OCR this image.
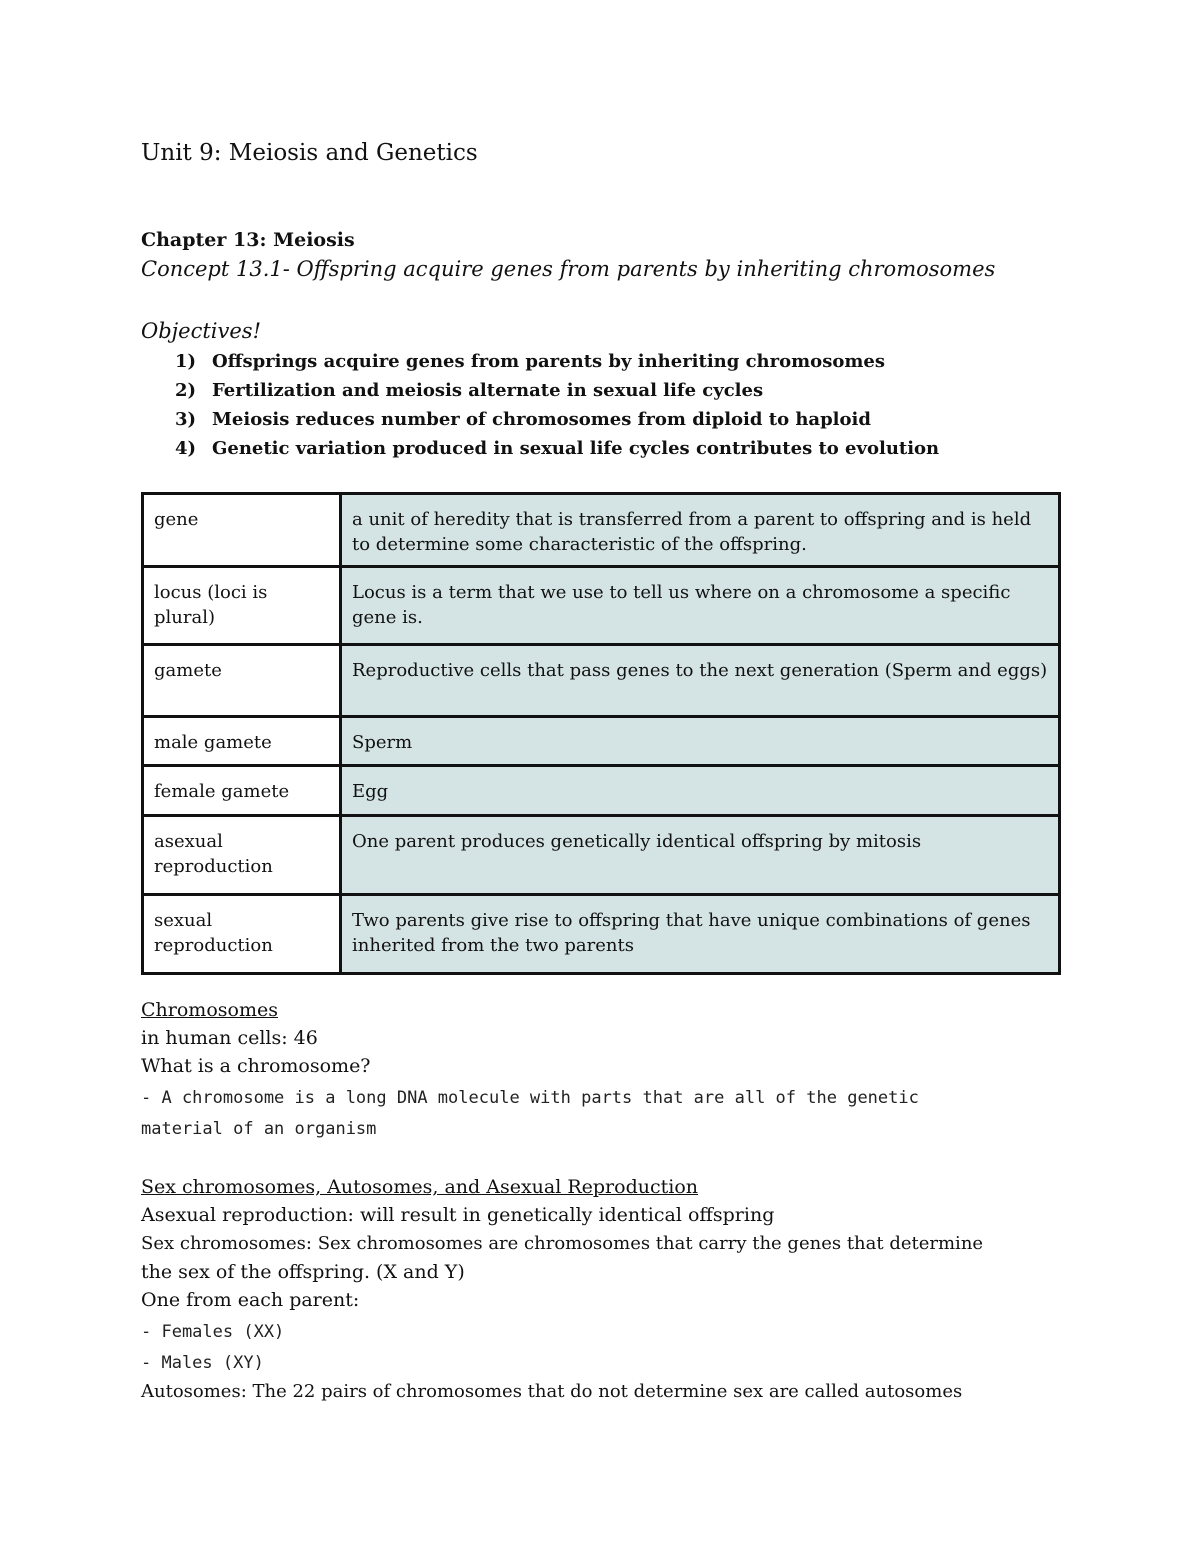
Unit 9: Meiosis and Genetics
Chapter 13: Meiosis
Concept 13.1- Offspring acquire genes from parents by inheriting chromosomes
Objectives!
1) Offsprings acquire genes from parents by inheriting chromosomes
2) Fertilization and meiosis alternate in sexual life cycles
3) Meiosis reduces number of chromosomes from diploid to haploid
4) Genetic variation produced in sexual life cycles contributes to evolution
gene	a unit of heredity that is transferred from a parent to offspring and is held to determine some characteristic of the offspring.
locus (loci is plural)	Locus is a term that we use to tell us where on a chromosome a specific gene is.
gamete	Reproductive cells that pass genes to the next generation (Sperm and eggs)
male gamete	Sperm
female gamete	Egg
asexual reproduction	One parent produces genetically identical offspring by mitosis
sexual reproduction	Two parents give rise to offspring that have unique combinations of genes inherited from the two parents
Chromosomes
in human cells: 46
What is a chromosome?
- A chromosome is a long DNA molecule with parts that are all of the genetic
material of an organism
Sex chromosomes, Autosomes, and Asexual Reproduction
Asexual reproduction: will result in genetically identical offspring
Sex chromosomes: Sex chromosomes are chromosomes that carry the genes that determine
the sex of the offspring. (X and Y)
One from each parent:
- Females (XX)
- Males (XY)
Autosomes: The 22 pairs of chromosomes that do not determine sex are called autosomes
